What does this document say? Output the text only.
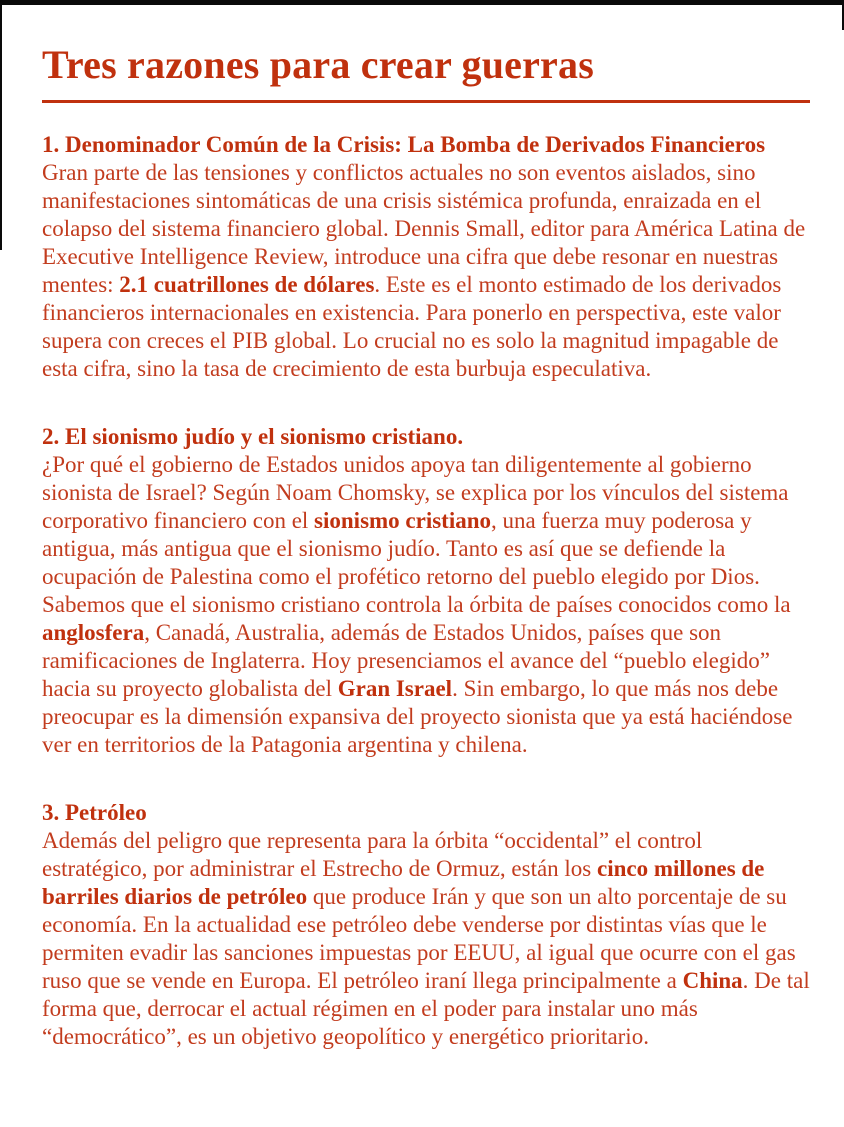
Tres razones para crear guerras
1. Denominador Común de la Crisis: La Bomba de Derivados Financieros

Gran parte de las tensiones y conflictos actuales no son eventos aislados, sino manifestaciones sintomáticas de una crisis sistémica profunda, enraizada en el colapso del sistema financiero global. Dennis Small, editor para América Latina de Executive Intelligence Review, introduce una cifra que debe resonar en nuestras mentes: 2.1 cuatrillones de dólares. Este es el monto estimado de los derivados financieros internacionales en existencia. Para ponerlo en perspectiva, este valor supera con creces el PIB global. Lo crucial no es solo la magnitud impagable de esta cifra, sino la tasa de crecimiento de esta burbuja especulativa.

2. El sionismo judío y el sionismo cristiano.

¿Por qué el gobierno de Estados unidos apoya tan diligentemente al gobierno sionista de Israel? Según Noam Chomsky, se explica por los vínculos del sistema corporativo financiero con el sionismo cristiano, una fuerza muy poderosa y antigua, más antigua que el sionismo judío. Tanto es así que se defiende la ocupación de Palestina como el profético retorno del pueblo elegido por Dios. Sabemos que el sionismo cristiano controla la órbita de países conocidos como la anglosfera, Canadá, Australia, además de Estados Unidos, países que son ramificaciones de Inglaterra. Hoy presenciamos el avance del “pueblo elegido” hacia su proyecto globalista del Gran Israel. Sin embargo, lo que más nos debe preocupar es la dimensión expansiva del proyecto sionista que ya está haciéndose ver en territorios de la Patagonia argentina y chilena.

3. Petróleo

Además del peligro que representa para la órbita “occidental” el control estratégico, por administrar el Estrecho de Ormuz, están los cinco millones de barriles diarios de petróleo que produce Irán y que son un alto porcentaje de su economía. En la actualidad ese petróleo debe venderse por distintas vías que le permiten evadir las sanciones impuestas por EEUU, al igual que ocurre con el gas ruso que se vende en Europa. El petróleo iraní llega principalmente a China. De tal forma que, derrocar el actual régimen en el poder para instalar uno más “democrático”, es un objetivo geopolítico y energético prioritario.
